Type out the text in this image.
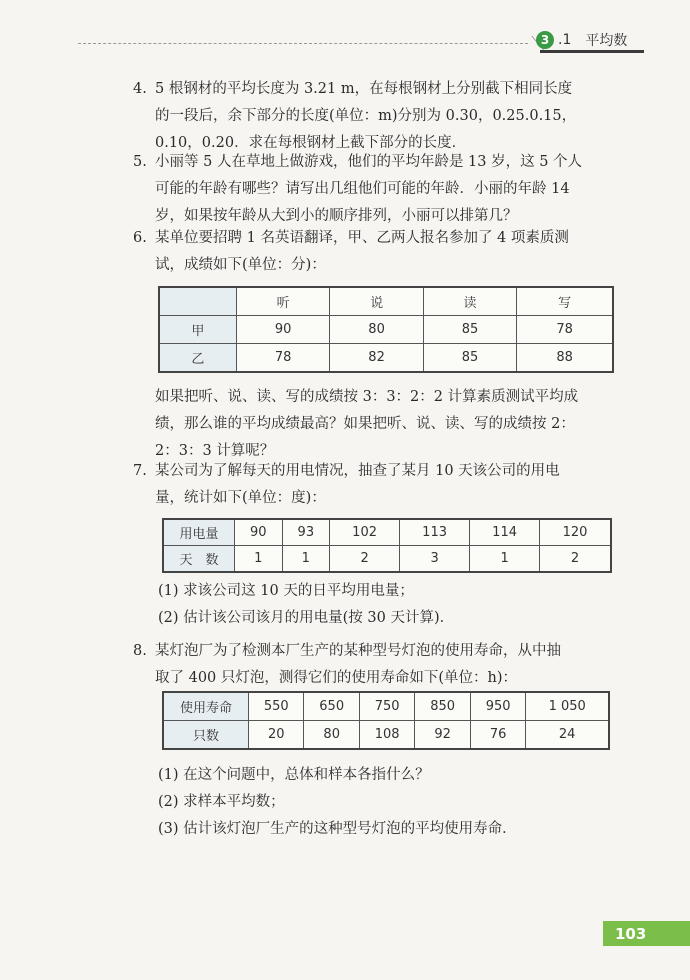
3 .1 平均数
4. 5 根钢材的平均长度为 3.21 m，在每根钢材上分别截下相同长度
的一段后，余下部分的长度(单位：m)分别为 0.30，0.25.0.15，
0.10，0.20．求在每根钢材上截下部分的长度．
5. 小丽等 5 人在草地上做游戏，他们的平均年龄是 13 岁，这 5 个人
可能的年龄有哪些？请写出几组他们可能的年龄．小丽的年龄 14
岁，如果按年龄从大到小的顺序排列，小丽可以排第几？
6. 某单位要招聘 1 名英语翻译，甲、乙两人报名参加了 4 项素质测
试，成绩如下(单位：分)：
	听	说	读	写
甲	90	80	85	78
乙	78	82	85	88
如果把听、说、读、写的成绩按 3：3：2：2 计算素质测试平均成
绩，那么谁的平均成绩最高？如果把听、说、读、写的成绩按 2：
2：3：3 计算呢？
7. 某公司为了解每天的用电情况，抽查了某月 10 天该公司的用电
量，统计如下(单位：度)：
用电量	90	93	102	113	114	120
天　数	1	1	2	3	1	2
(1) 求该公司这 10 天的日平均用电量；
(2) 估计该公司该月的用电量(按 30 天计算)．
8. 某灯泡厂为了检测本厂生产的某种型号灯泡的使用寿命，从中抽
取了 400 只灯泡，测得它们的使用寿命如下(单位：h)：
使用寿命	550	650	750	850	950	1 050
只数	20	80	108	92	76	24
(1) 在这个问题中，总体和样本各指什么？
(2) 求样本平均数；
(3) 估计该灯泡厂生产的这种型号灯泡的平均使用寿命．
103
